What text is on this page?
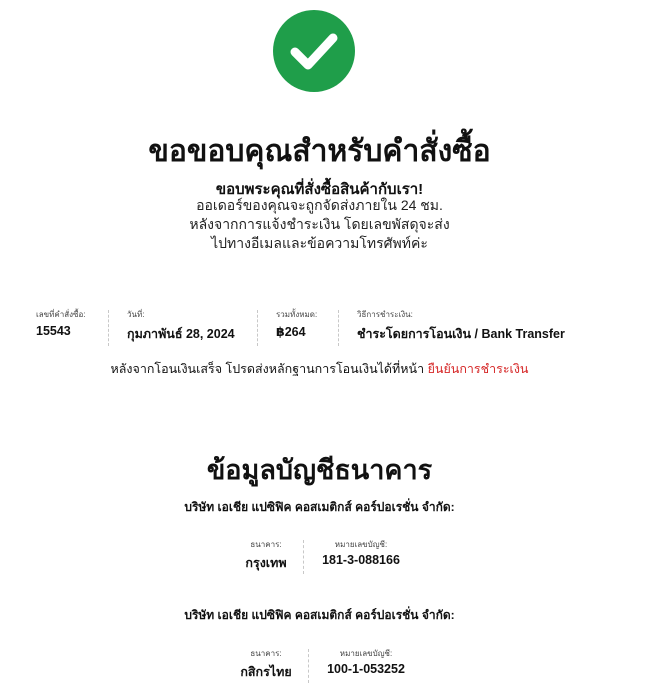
ขอขอบคุณสำหรับคำสั่งซื้อ
ขอบพระคุณที่สั่งซื้อสินค้ากับเรา!
ออเดอร์ของคุณจะถูกจัดส่งภายใน 24 ชม.
หลังจากการแจ้งชำระเงิน โดยเลขพัสดุจะส่ง
ไปทางอีเมลและข้อความโทรศัพท์ค่ะ
เลขที่คำสั่งซื้อ:
15543
วันที่:
กุมภาพันธ์ 28, 2024
รวมทั้งหมด:
฿264
วิธีการชำระเงิน:
ชำระโดยการโอนเงิน / Bank Transfer
หลังจากโอนเงินเสร็จ โปรดส่งหลักฐานการโอนเงินได้ที่หน้า ยืนยันการชำระเงิน
ข้อมูลบัญชีธนาคาร
บริษัท เอเชีย แปซิฟิค คอสเมติกส์ คอร์ปอเรชั่น จำกัด:
ธนาคาร:
กรุงเทพ
หมายเลขบัญชี:
181-3-088166
บริษัท เอเชีย แปซิฟิค คอสเมติกส์ คอร์ปอเรชั่น จำกัด:
ธนาคาร:
กสิกรไทย
หมายเลขบัญชี:
100-1-053252
